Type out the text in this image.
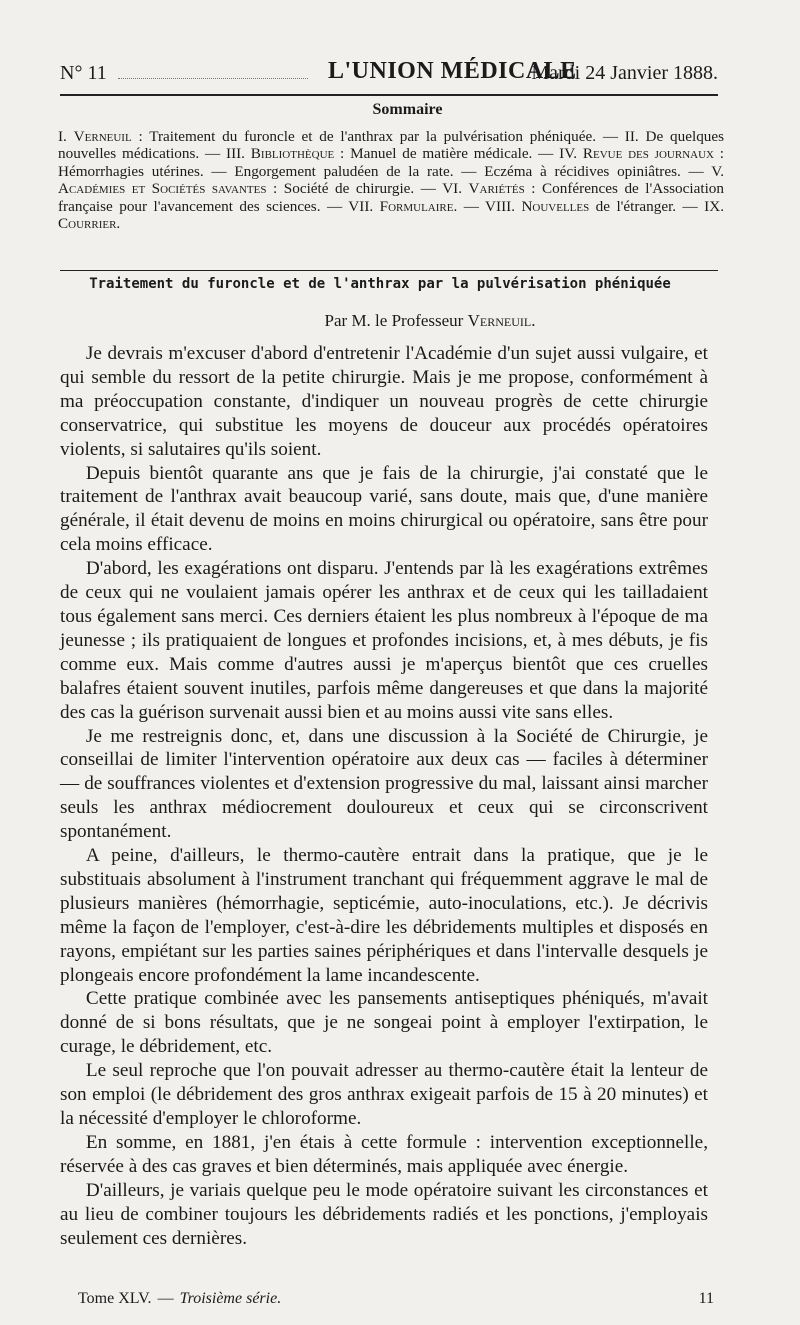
N° 11	L'UNION MÉDICALE
Mardi 24 Janvier 1888.
Sommaire
I. Verneuil : Traitement du furoncle et de l'anthrax par la pulvérisation phéniquée. — II. De quelques nouvelles médications. — III. Bibliothèque : Manuel de matière médicale. — IV. Revue des journaux : Hémorrhagies utérines. — Engorgement paludéen de la rate. — Eczéma à récidives opiniâtres. — V. Académies et Sociétés savantes : Société de chirurgie. — VI. Variétés : Conférences de l'Association française pour l'avancement des sciences. — VII. Formulaire. — VIII. Nouvelles de l'étranger. — IX. Courrier.
Traitement du furoncle et de l'anthrax par la pulvérisation phéniquée
Par M. le Professeur Verneuil.

Je devrais m'excuser d'abord d'entretenir l'Académie d'un sujet aussi vulgaire, et qui semble du ressort de la petite chirurgie. Mais je me propose, conformément à ma préoccupation constante, d'indiquer un nouveau progrès de cette chirurgie conservatrice, qui substitue les moyens de douceur aux procédés opératoires violents, si salutaires qu'ils soient.

Depuis bientôt quarante ans que je fais de la chirurgie, j'ai constaté que le traitement de l'anthrax avait beaucoup varié, sans doute, mais que, d'une manière générale, il était devenu de moins en moins chirurgical ou opératoire, sans être pour cela moins efficace.

D'abord, les exagérations ont disparu. J'entends par là les exagérations extrêmes de ceux qui ne voulaient jamais opérer les anthrax et de ceux qui les tailladaient tous également sans merci. Ces derniers étaient les plus nombreux à l'époque de ma jeunesse ; ils pratiquaient de longues et profondes incisions, et, à mes débuts, je fis comme eux. Mais comme d'autres aussi je m'aperçus bientôt que ces cruelles balafres étaient souvent inutiles, parfois même dangereuses et que dans la majorité des cas la guérison survenait aussi bien et au moins aussi vite sans elles.

Je me restreignis donc, et, dans une discussion à la Société de Chirurgie, je conseillai de limiter l'intervention opératoire aux deux cas — faciles à déterminer — de souffrances violentes et d'extension progressive du mal, laissant ainsi marcher seuls les anthrax médiocrement douloureux et ceux qui se circonscrivent spontanément.

A peine, d'ailleurs, le thermo-cautère entrait dans la pratique, que je le substituais absolument à l'instrument tranchant qui fréquemment aggrave le mal de plusieurs manières (hémorrhagie, septicémie, auto-inoculations, etc.). Je décrivis même la façon de l'employer, c'est-à-dire les débridements multiples et disposés en rayons, empiétant sur les parties saines périphériques et dans l'intervalle desquels je plongeais encore profondément la lame incandescente.

Cette pratique combinée avec les pansements antiseptiques phéniqués, m'avait donné de si bons résultats, que je ne songeai point à employer l'extirpation, le curage, le débridement, etc.

Le seul reproche que l'on pouvait adresser au thermo-cautère était la lenteur de son emploi (le débridement des gros anthrax exigeait parfois de 15 à 20 minutes) et la nécessité d'employer le chloroforme.

En somme, en 1881, j'en étais à cette formule : intervention exceptionnelle, réservée à des cas graves et bien déterminés, mais appliquée avec énergie.

D'ailleurs, je variais quelque peu le mode opératoire suivant les circonstances et au lieu de combiner toujours les débridements radiés et les ponctions, j'employais seulement ces dernières.

Tome XLV. — Troisième série.	11
